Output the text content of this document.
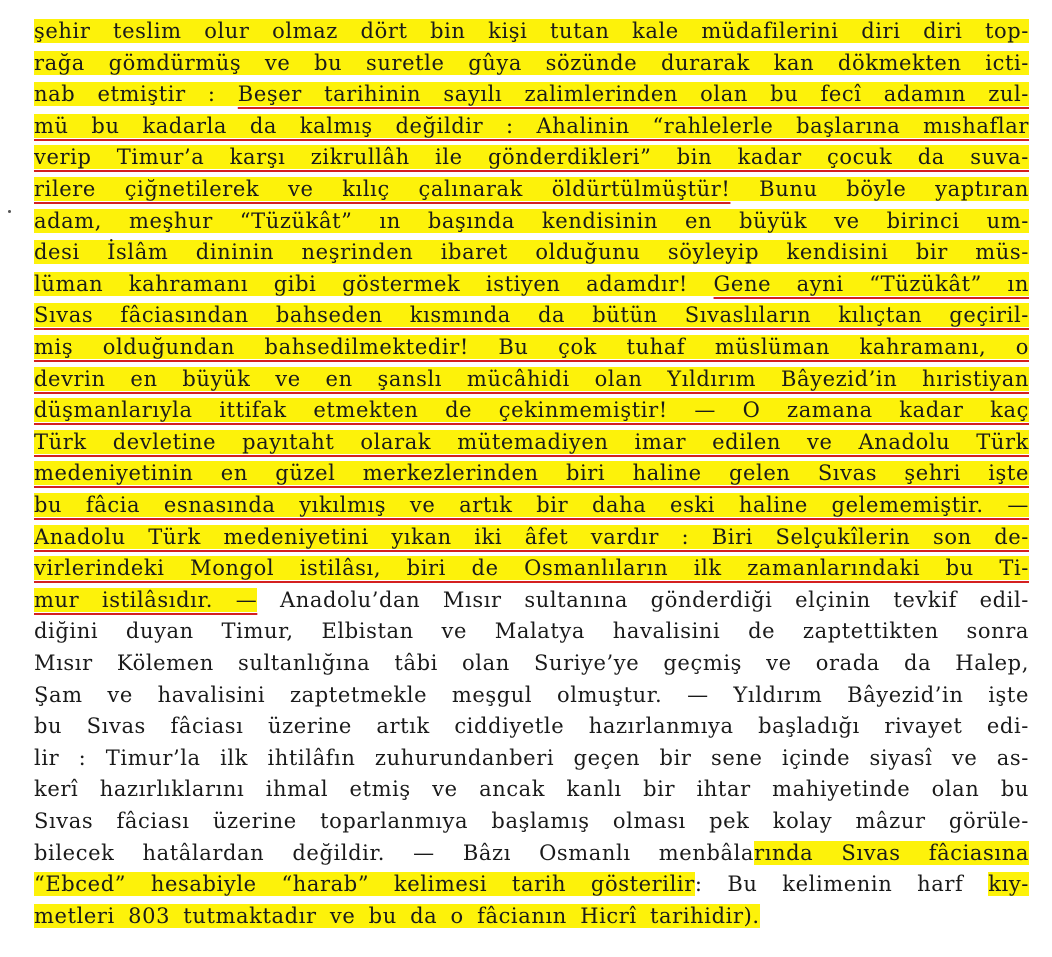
şehir teslim olur olmaz dört bin kişi tutan kale müdafilerini diri diri top-
rağa gömdürmüş ve bu suretle gûya sözünde durarak kan dökmekten icti-
nab etmiştir : Beşer tarihinin sayılı zalimlerinden olan bu fecî adamın zul-
mü bu kadarla da kalmış değildir : Ahalinin “rahlelerle başlarına mıshaflar
verip Timur’a karşı zikrullâh ile gönderdikleri” bin kadar çocuk da suva-
rilere çiğnetilerek ve kılıç çalınarak öldürtülmüştür! Bunu böyle yaptıran
adam, meşhur “Tüzükât” ın başında kendisinin en büyük ve birinci um-
desi İslâm dininin neşrinden ibaret olduğunu söyleyip kendisini bir müs-
lüman kahramanı gibi göstermek istiyen adamdır! Gene ayni “Tüzükât” ın
Sıvas fâciasından bahseden kısmında da bütün Sıvaslıların kılıçtan geçiril-
miş olduğundan bahsedilmektedir! Bu çok tuhaf müslüman kahramanı, o
devrin en büyük ve en şanslı mücâhidi olan Yıldırım Bâyezid’in hıristiyan
düşmanlarıyla ittifak etmekten de çekinmemiştir! — O zamana kadar kaç
Türk devletine payıtaht olarak mütemadiyen imar edilen ve Anadolu Türk
medeniyetinin en güzel merkezlerinden biri haline gelen Sıvas şehri işte
bu fâcia esnasında yıkılmış ve artık bir daha eski haline gelememiştir. —
Anadolu Türk medeniyetini yıkan iki âfet vardır : Biri Selçukîlerin son de-
virlerindeki Mongol istilâsı, biri de Osmanlıların ilk zamanlarındaki bu Ti-
mur istilâsıdır. — Anadolu’dan Mısır sultanına gönderdiği elçinin tevkif edil-
diğini duyan Timur, Elbistan ve Malatya havalisini de zaptettikten sonra
Mısır Kölemen sultanlığına tâbi olan Suriye’ye geçmiş ve orada da Halep,
Şam ve havalisini zaptetmekle meşgul olmuştur. — Yıldırım Bâyezid’in işte
bu Sıvas fâciası üzerine artık ciddiyetle hazırlanmıya başladığı rivayet edi-
lir : Timur’la ilk ihtilâfın zuhurundanberi geçen bir sene içinde siyasî ve as-
kerî hazırlıklarını ihmal etmiş ve ancak kanlı bir ihtar mahiyetinde olan bu
Sıvas fâciası üzerine toparlanmıya başlamış olması pek kolay mâzur görüle-
bilecek hatâlardan değildir. — Bâzı Osmanlı menbâlarında Sıvas fâciasına
“Ebced” hesabiyle “harab” kelimesi tarih gösterilir: Bu kelimenin harf kıy-
metleri 803 tutmaktadır ve bu da o fâcianın Hicrî tarihidir).
